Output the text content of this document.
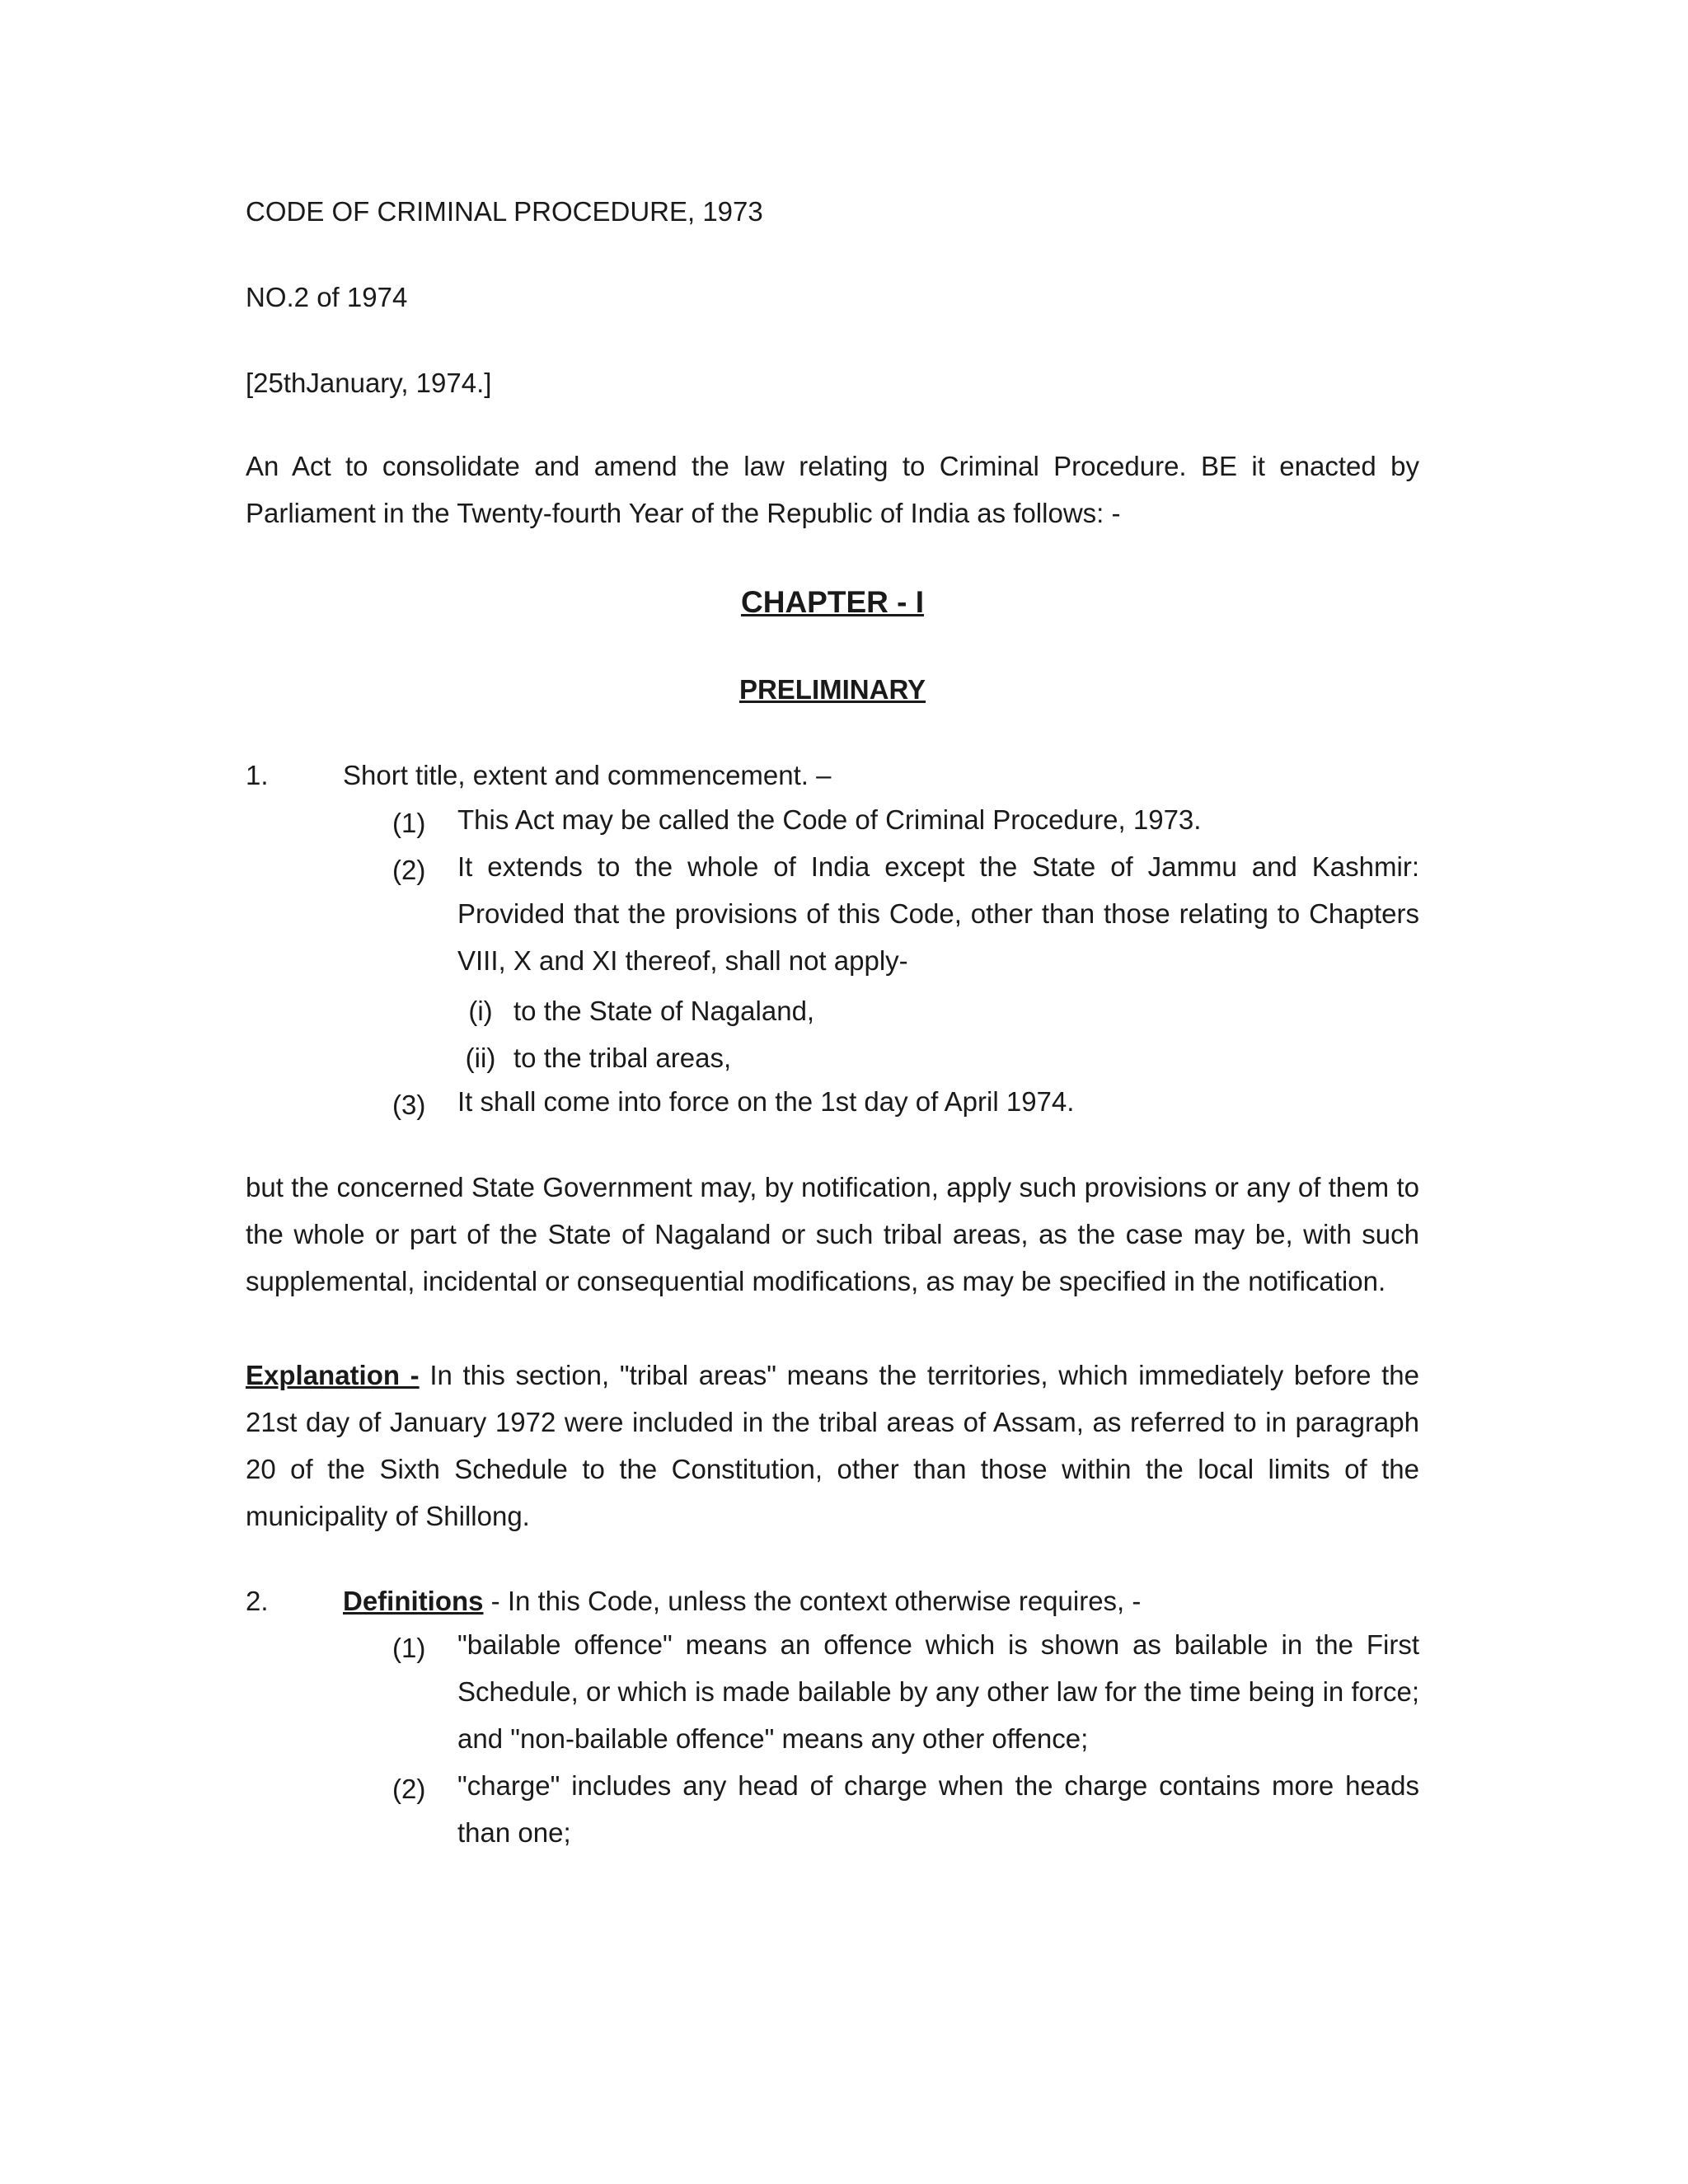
CODE OF CRIMINAL PROCEDURE, 1973
NO.2 of 1974
[25thJanuary, 1974.]
An Act to consolidate and amend the law relating to Criminal Procedure. BE it enacted by Parliament in the Twenty-fourth Year of the Republic of India as follows: -
CHAPTER - I
PRELIMINARY
1.	Short title, extent and commencement. –
(1) This Act may be called the Code of Criminal Procedure, 1973.
(2) It extends to the whole of India except the State of Jammu and Kashmir: Provided that the provisions of this Code, other than those relating to Chapters VIII, X and XI thereof, shall not apply-
(i) to the State of Nagaland,
(ii) to the tribal areas,
(3) It shall come into force on the 1st day of April 1974.
but the concerned State Government may, by notification, apply such provisions or any of them to the whole or part of the State of Nagaland or such tribal areas, as the case may be, with such supplemental, incidental or consequential modifications, as may be specified in the notification.
Explanation - In this section, "tribal areas" means the territories, which immediately before the 21st day of January 1972 were included in the tribal areas of Assam, as referred to in paragraph 20 of the Sixth Schedule to the Constitution, other than those within the local limits of the municipality of Shillong.
2.	Definitions - In this Code, unless the context otherwise requires, -
(1) "bailable offence" means an offence which is shown as bailable in the First Schedule, or which is made bailable by any other law for the time being in force; and "non-bailable offence" means any other offence;
(2) "charge" includes any head of charge when the charge contains more heads than one;
